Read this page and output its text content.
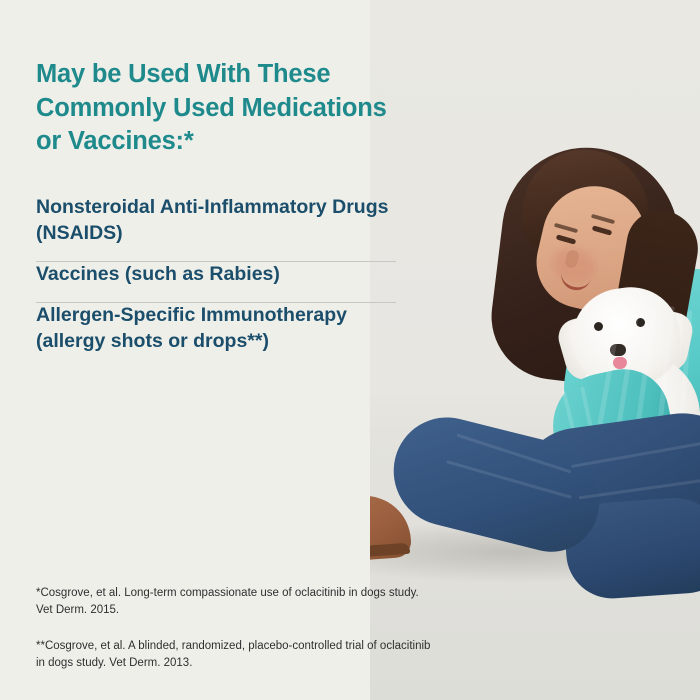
May be Used With These Commonly Used Medications or Vaccines:*
Nonsteroidal Anti-Inflammatory Drugs (NSAIDS)
Vaccines (such as Rabies)
Allergen-Specific Immunotherapy (allergy shots or drops**)
*Cosgrove, et al. Long-term compassionate use of oclacitinib in dogs study. Vet Derm. 2015.
**Cosgrove, et al. A blinded, randomized, placebo-controlled trial of oclacitinib in dogs study. Vet Derm. 2013.
